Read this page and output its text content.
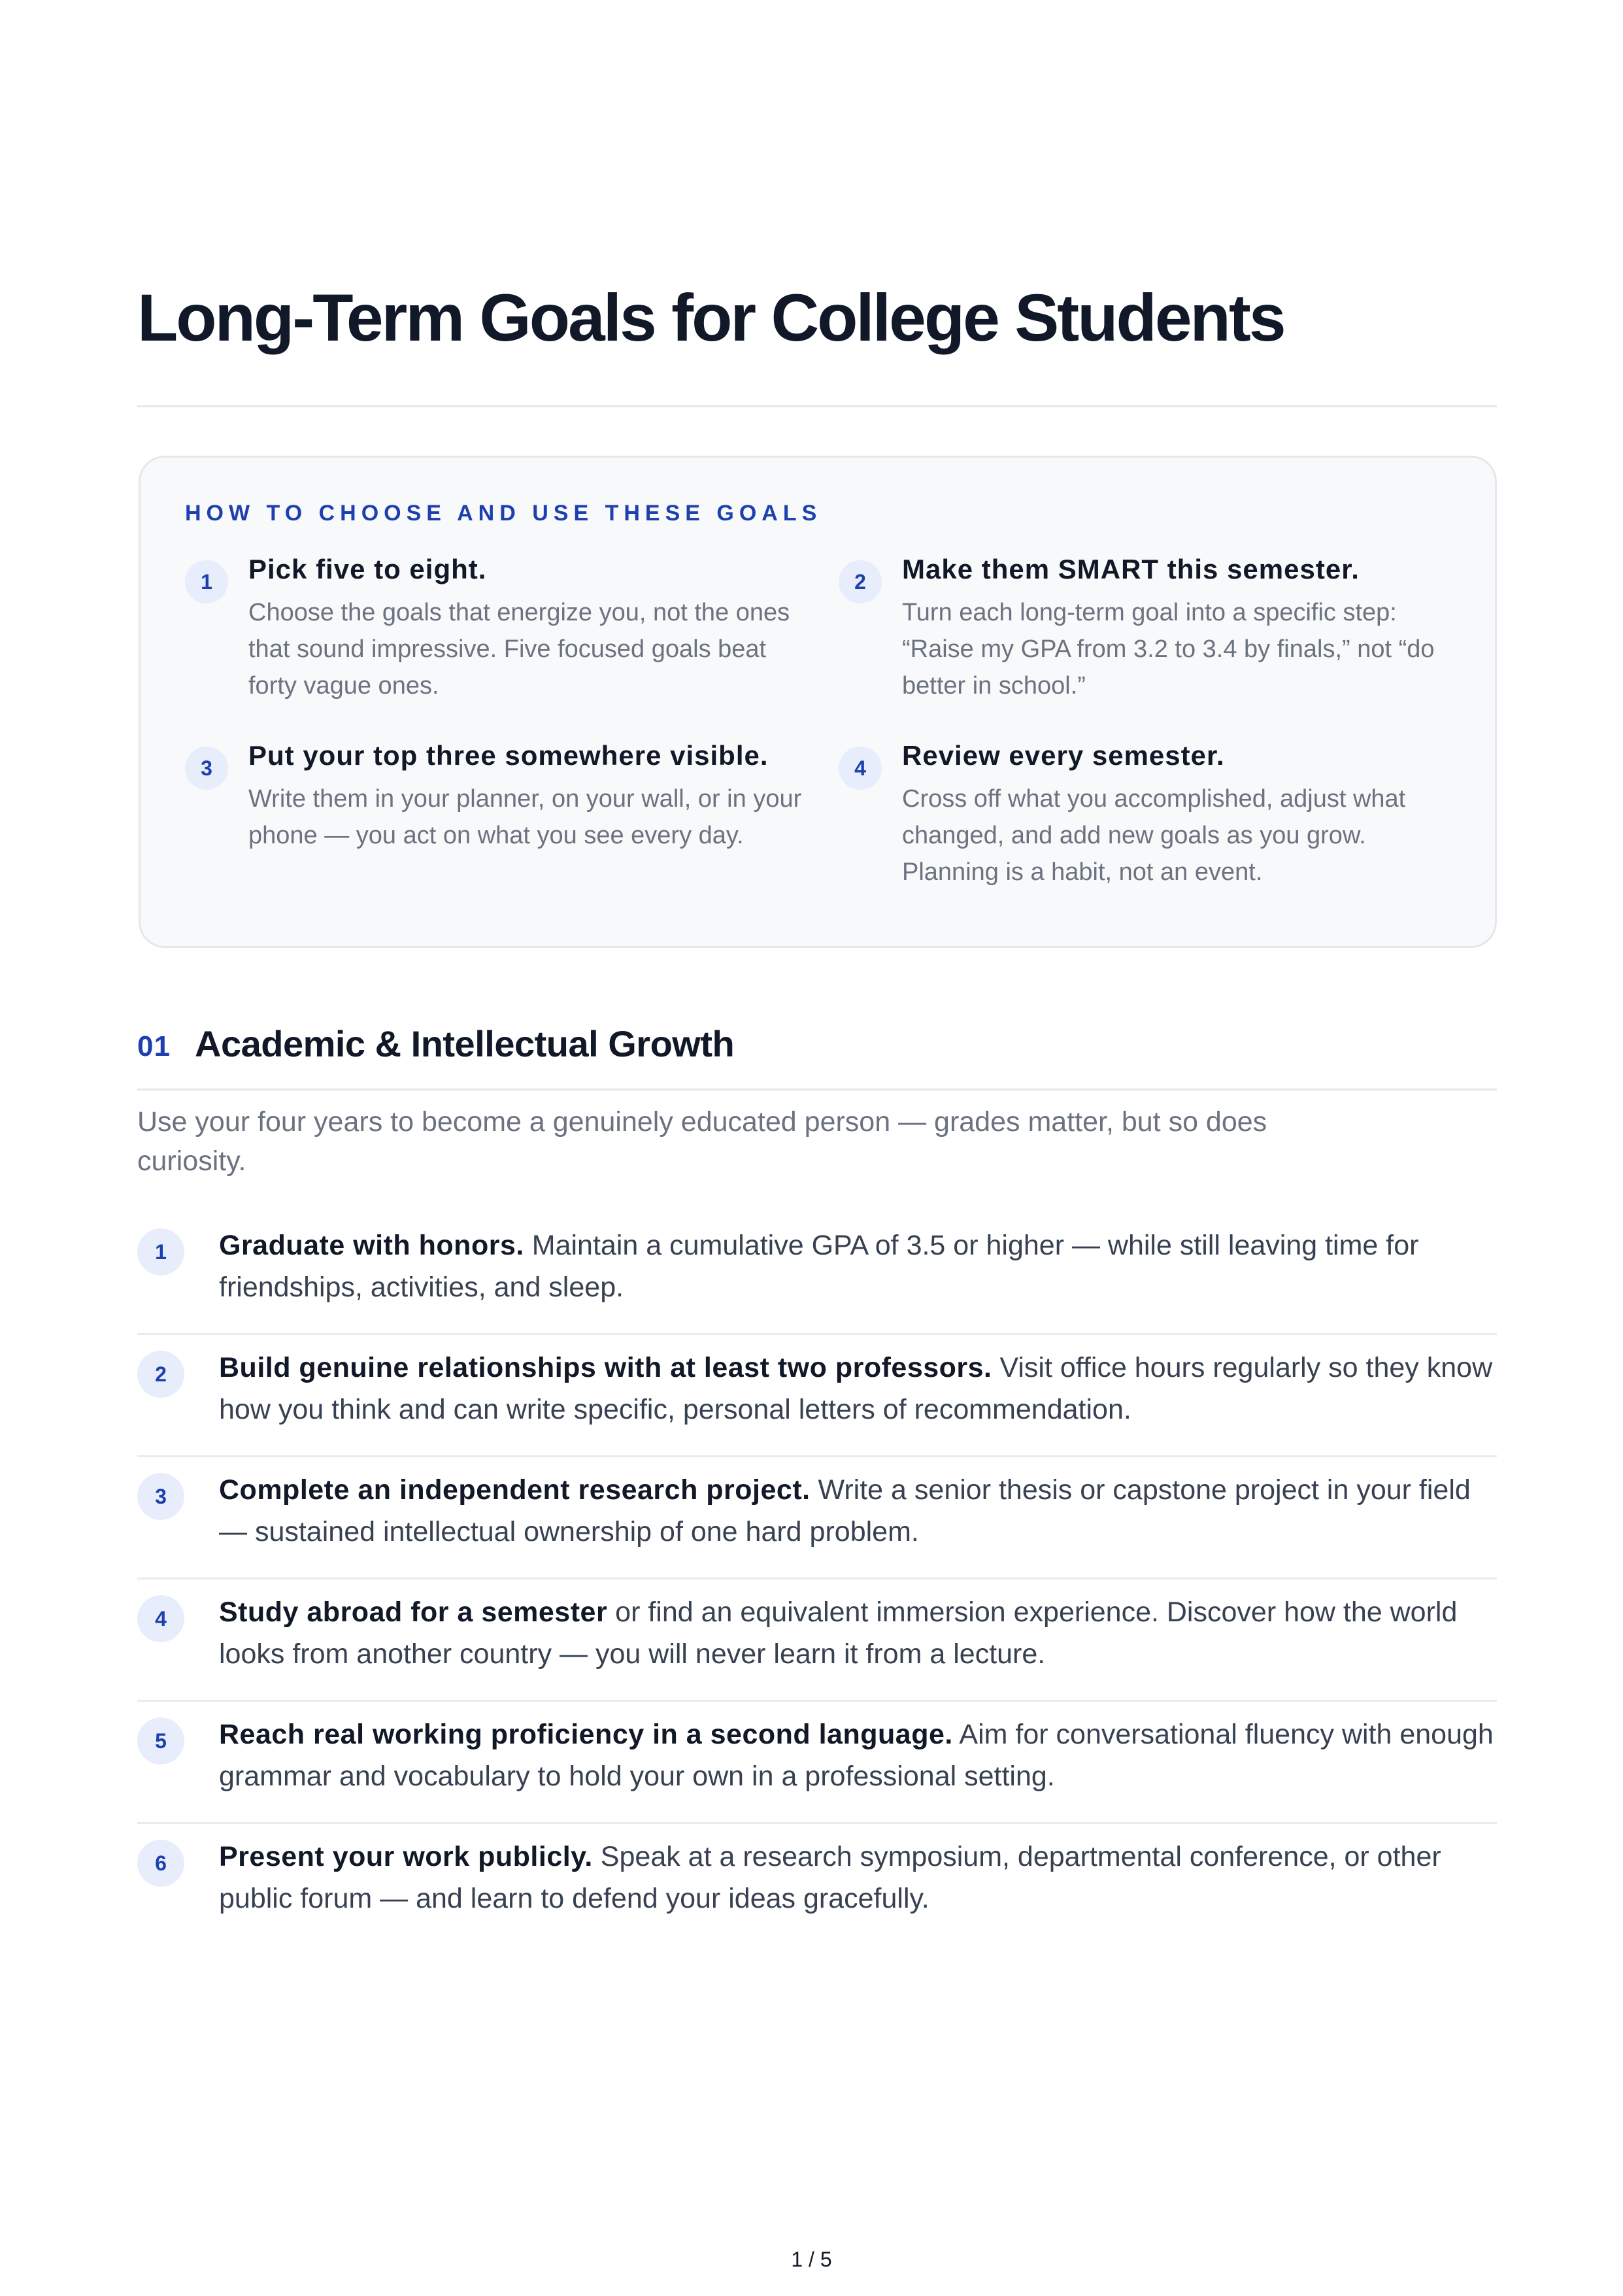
Long-Term Goals for College Students
HOW TO CHOOSE AND USE THESE GOALS
1	Pick five to eight.

Choose the goals that energize you, not the ones that sound impressive. Five focused goals beat forty vague ones.

2	Make them SMART this semester.

Turn each long-term goal into a specific step: “Raise my GPA from 3.2 to 3.4 by finals,” not “do better in school.”

3	Put your top three somewhere visible.

Write them in your planner, on your wall, or in your phone — you act on what you see every day.

4	Review every semester.

Cross off what you accomplished, adjust what changed, and add new goals as you grow. Planning is a habit, not an event.

01 Academic & Intellectual Growth

Use your four years to become a genuinely educated person — grades matter, but so does curiosity.

1	Graduate with honors. Maintain a cumulative GPA of 3.5 or higher — while still leaving time for friendships, activities, and sleep.

2	Build genuine relationships with at least two professors. Visit office hours regularly so they know how you think and can write specific, personal letters of recommendation.

3	Complete an independent research project. Write a senior thesis or capstone project in your field — sustained intellectual ownership of one hard problem.

4	Study abroad for a semester or find an equivalent immersion experience. Discover how the world looks from another country — you will never learn it from a lecture.

5	Reach real working proficiency in a second language. Aim for conversational fluency with enough grammar and vocabulary to hold your own in a professional setting.

6	Present your work publicly. Speak at a research symposium, departmental conference, or other public forum — and learn to defend your ideas gracefully.

1 / 5
